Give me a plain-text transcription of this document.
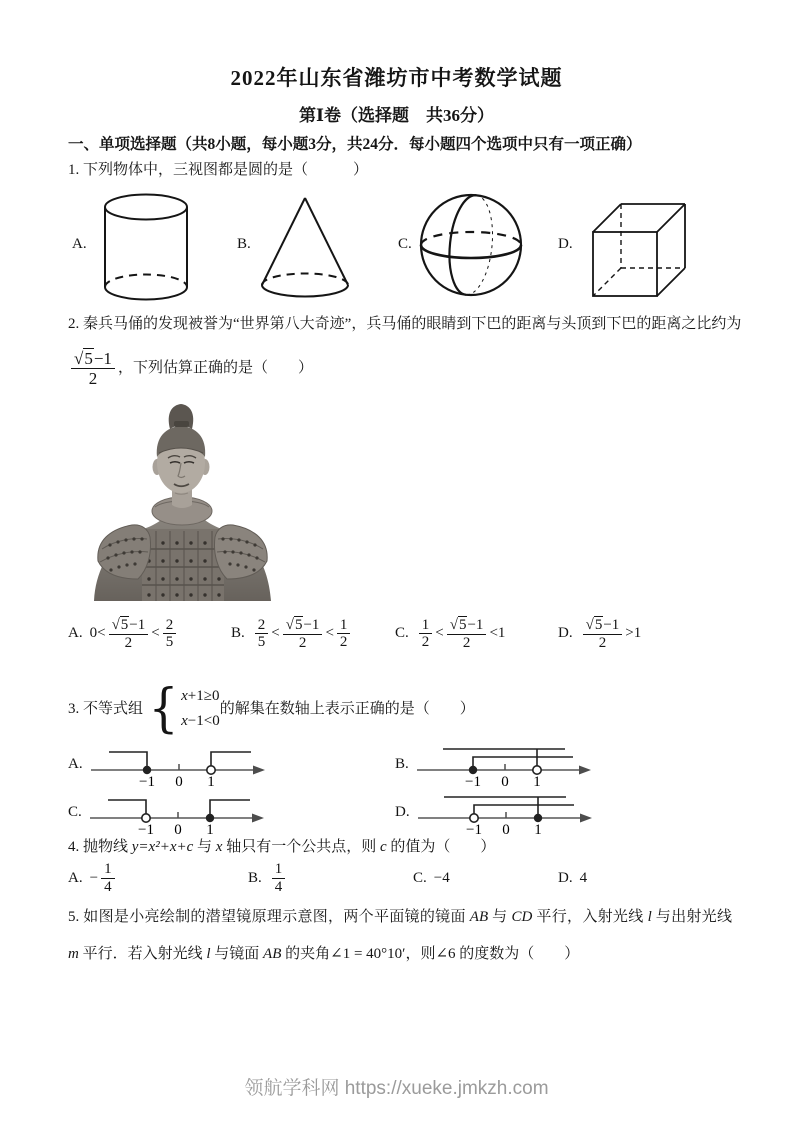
2022年山东省潍坊市中考数学试题
第Ⅰ卷（选择题　共36分）
一、单项选择题（共8小题，每小题3分，共24分．每小题四个选项中只有一项正确）
1. 下列物体中，三视图都是圆的是（　　　）
A.	B.	C.	D.
2. 秦兵马俑的发现被誉为“世界第八大奇迹”，兵马俑的眼睛到下巴的距离与头顶到下巴的距离之比约为
$\frac{√ 5 -1}{2}$ ，下列估算正确的是（　　）
A. $0< \frac{√ 5 -1}{2} < \frac{2}{5}$	B. $\frac{2}{5} < \frac{√ 5 -1}{2} < \frac{1}{2}$	C. $\frac{1}{2} < \frac{√ 5 -1}{2} <1$	D. $\frac{√ 5 -1}{2} >1$
3. 不等式组 { x+1≥0
x−1<0
的解集在数轴上表示正确的是（　　）
A.
−1 0 1
B.
−1 0 1
C.
−1 0 1
D.
−1 0 1
4. 抛物线 y=x²+x+c 与 x 轴只有一个公共点，则 c 的值为（　　）
A. − $\frac{1}{4}$	B. $\frac{1}{4}$	C. −4	D. 4
5. 如图是小亮绘制的潜望镜原理示意图，两个平面镜的镜面 AB 与 CD 平行，入射光线 l 与出射光线 m 平行．若入射光线 l 与镜面 AB 的夹角∠1 = 40°10′，则∠6 的度数为（　　）
领航学科网 https://xueke.jmkzh.com
